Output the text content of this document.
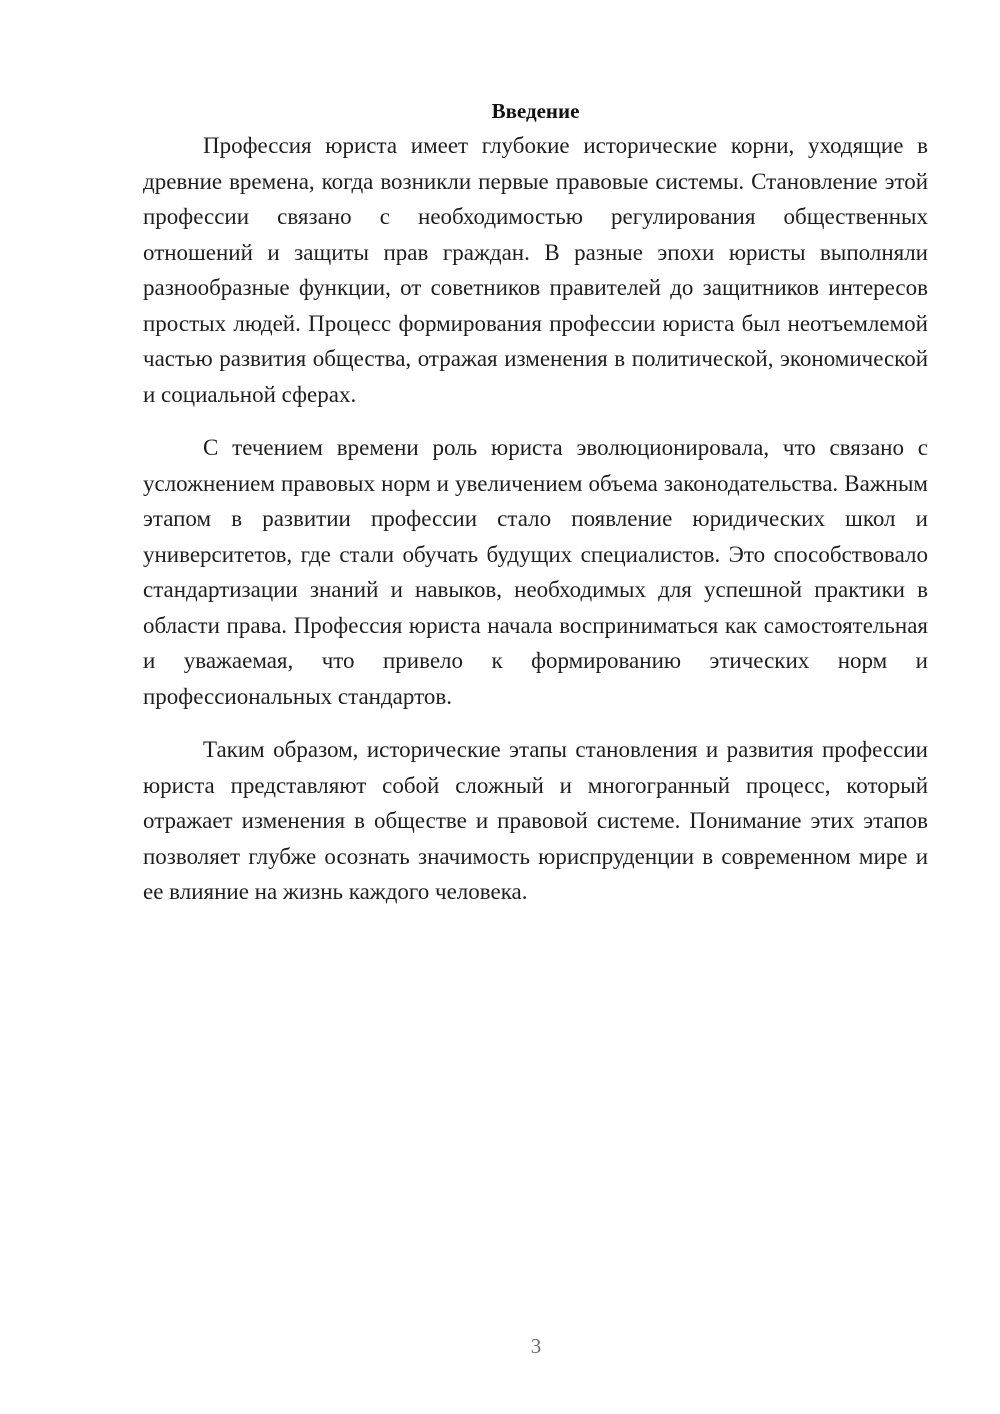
Введение

Профессия юриста имеет глубокие исторические корни, уходящие в древние времена, когда возникли первые правовые системы. Становление этой профессии связано с необходимостью регулирования общественных отношений и защиты прав граждан. В разные эпохи юристы выполняли разнообразные функции, от советников правителей до защитников интересов простых людей. Процесс формирования профессии юриста был неотъемлемой частью развития общества, отражая изменения в политической, экономической и социальной сферах.

С течением времени роль юриста эволюционировала, что связано с усложнением правовых норм и увеличением объема законодательства. Важным этапом в развитии профессии стало появление юридических школ и университетов, где стали обучать будущих специалистов. Это способствовало стандартизации знаний и навыков, необходимых для успешной практики в области права. Профессия юриста начала восприниматься как самостоятельная и уважаемая, что привело к формированию этических норм и профессиональных стандартов.

Таким образом, исторические этапы становления и развития профессии юриста представляют собой сложный и многогранный процесс, который отражает изменения в обществе и правовой системе. Понимание этих этапов позволяет глубже осознать значимость юриспруденции в современном мире и ее влияние на жизнь каждого человека.

3
